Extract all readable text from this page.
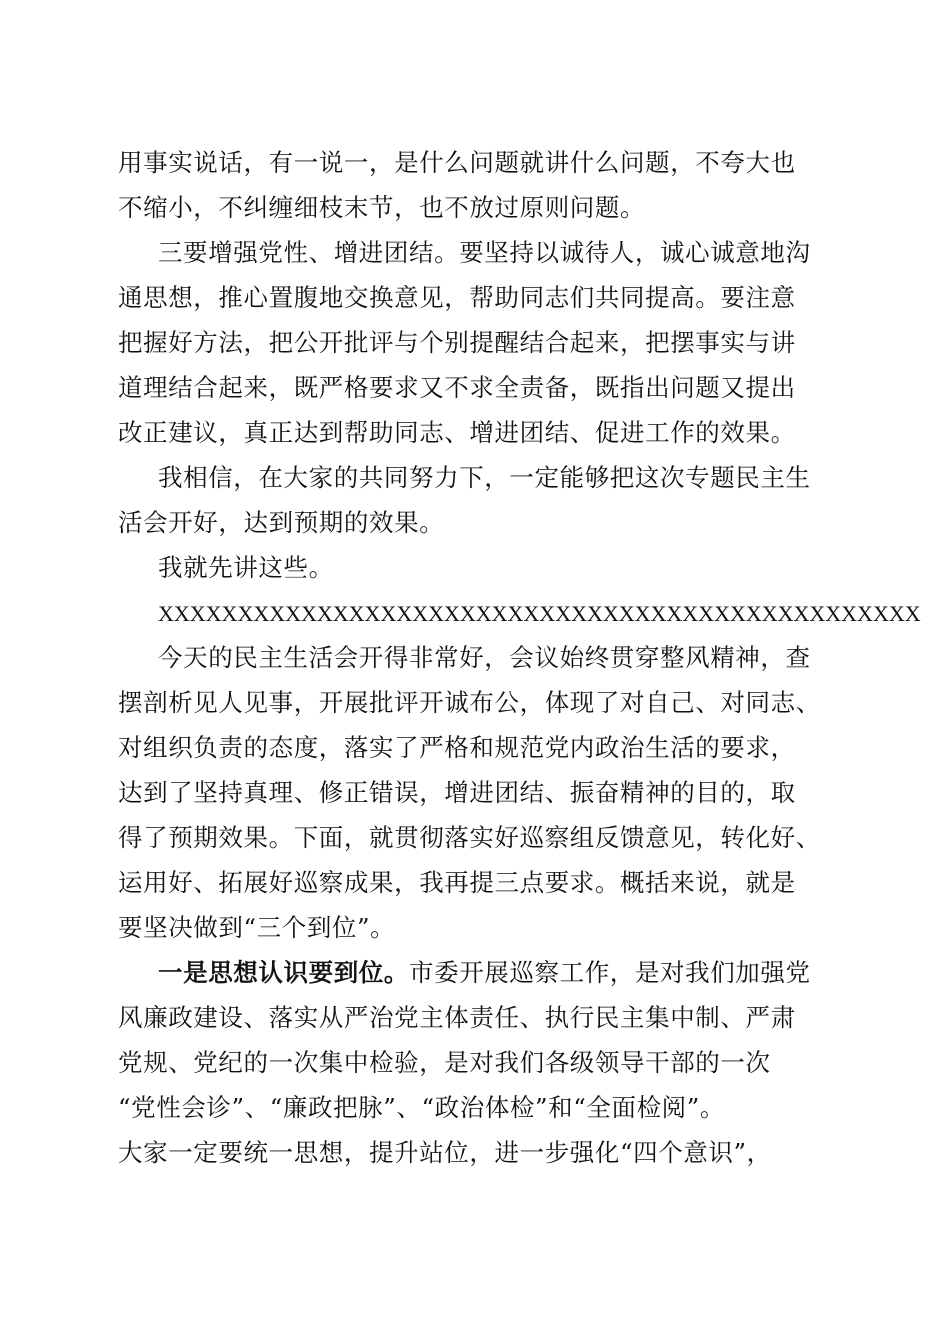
用事实说话，有一说一，是什么问题就讲什么问题，不夸大也
不缩小，不纠缠细枝末节，也不放过原则问题。
三要增强党性、增进团结。要坚持以诚待人，诚心诚意地沟
通思想，推心置腹地交换意见，帮助同志们共同提高。要注意
把握好方法，把公开批评与个别提醒结合起来，把摆事实与讲
道理结合起来，既严格要求又不求全责备，既指出问题又提出
改正建议，真正达到帮助同志、增进团结、促进工作的效果。
我相信，在大家的共同努力下，一定能够把这次专题民主生
活会开好，达到预期的效果。
我就先讲这些。
XXXXXXXXXXXXXXXXXXXXXXXXXXXXXXXXXXXXXXXXXXXXXXXX
今天的民主生活会开得非常好，会议始终贯穿整风精神，查
摆剖析见人见事，开展批评开诚布公，体现了对自己、对同志、
对组织负责的态度，落实了严格和规范党内政治生活的要求，
达到了坚持真理、修正错误，增进团结、振奋精神的目的，取
得了预期效果。下面，就贯彻落实好巡察组反馈意见，转化好、
运用好、拓展好巡察成果，我再提三点要求。概括来说，就是
要坚决做到“三个到位”。
一是思想认识要到位。市委开展巡察工作，是对我们加强党
风廉政建设、落实从严治党主体责任、执行民主集中制、严肃
党规、党纪的一次集中检验，是对我们各级领导干部的一次
“党性会诊”、“廉政把脉”、“政治体检”和“全面检阅”。
大家一定要统一思想，提升站位，进一步强化“四个意识”，
